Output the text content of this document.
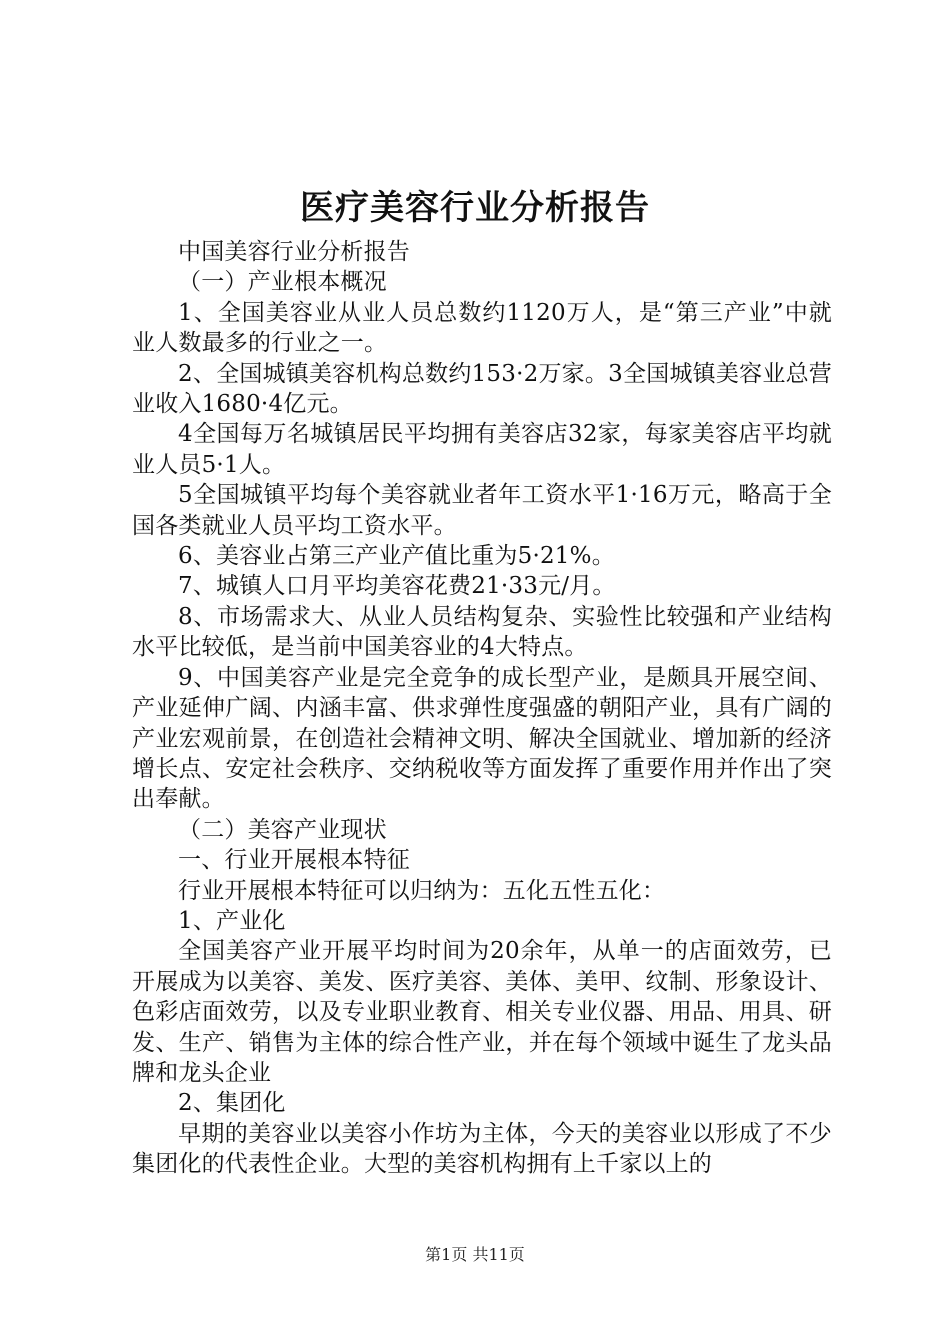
医疗美容行业分析报告

中国美容行业分析报告

（一）产业根本概况

1、全国美容业从业人员总数约1120万人，是“第三产业”中就业人数最多的行业之一。

2、全国城镇美容机构总数约153·2万家。3全国城镇美容业总营业收入1680·4亿元。

4全国每万名城镇居民平均拥有美容店32家，每家美容店平均就业人员5·1人。

5全国城镇平均每个美容就业者年工资水平1·16万元，略高于全国各类就业人员平均工资水平。

6、美容业占第三产业产值比重为5·21%。

7、城镇人口月平均美容花费21·33元/月。

8、市场需求大、从业人员结构复杂、实验性比较强和产业结构水平比较低，是当前中国美容业的4大特点。

9、中国美容产业是完全竞争的成长型产业，是颇具开展空间、产业延伸广阔、内涵丰富、供求弹性度强盛的朝阳产业，具有广阔的产业宏观前景，在创造社会精神文明、解决全国就业、增加新的经济增长点、安定社会秩序、交纳税收等方面发挥了重要作用并作出了突出奉献。

（二）美容产业现状

一、行业开展根本特征

行业开展根本特征可以归纳为：五化五性五化：

1、产业化

全国美容产业开展平均时间为20余年，从单一的店面效劳，已开展成为以美容、美发、医疗美容、美体、美甲、纹制、形象设计、色彩店面效劳，以及专业职业教育、相关专业仪器、用品、用具、研发、生产、销售为主体的综合性产业，并在每个领域中诞生了龙头品牌和龙头企业

2、集团化

早期的美容业以美容小作坊为主体，今天的美容业以形成了不少集团化的代表性企业。大型的美容机构拥有上千家以上的

第1页 共11页
